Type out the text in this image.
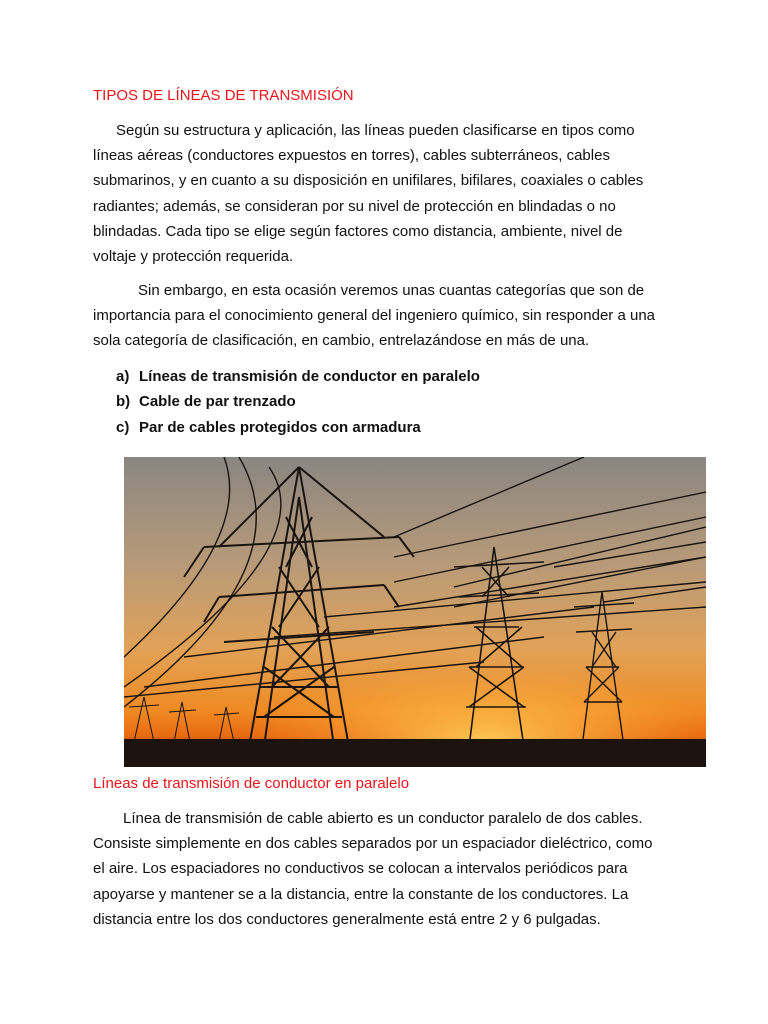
TIPOS DE LÍNEAS DE TRANSMISIÓN
Según su estructura y aplicación, las líneas pueden clasificarse en tipos como
líneas aéreas (conductores expuestos en torres), cables subterráneos, cables
submarinos, y en cuanto a su disposición en unifilares, bifilares, coaxiales o cables
radiantes; además, se consideran por su nivel de protección en blindadas o no
blindadas. Cada tipo se elige según factores como distancia, ambiente, nivel de
voltaje y protección requerida.
Sin embargo, en esta ocasión veremos unas cuantas categorías que son de
importancia para el conocimiento general del ingeniero químico, sin responder a una
sola categoría de clasificación, en cambio, entrelazándose en más de una.
a) Líneas de transmisión de conductor en paralelo
b) Cable de par trenzado
c) Par de cables protegidos con armadura
Líneas de transmisión de conductor en paralelo
Línea de transmisión de cable abierto es un conductor paralelo de dos cables.
Consiste simplemente en dos cables separados por un espaciador dieléctrico, como
el aire. Los espaciadores no conductivos se colocan a intervalos periódicos para
apoyarse y mantener se a la distancia, entre la constante de los conductores. La
distancia entre los dos conductores generalmente está entre 2 y 6 pulgadas.
